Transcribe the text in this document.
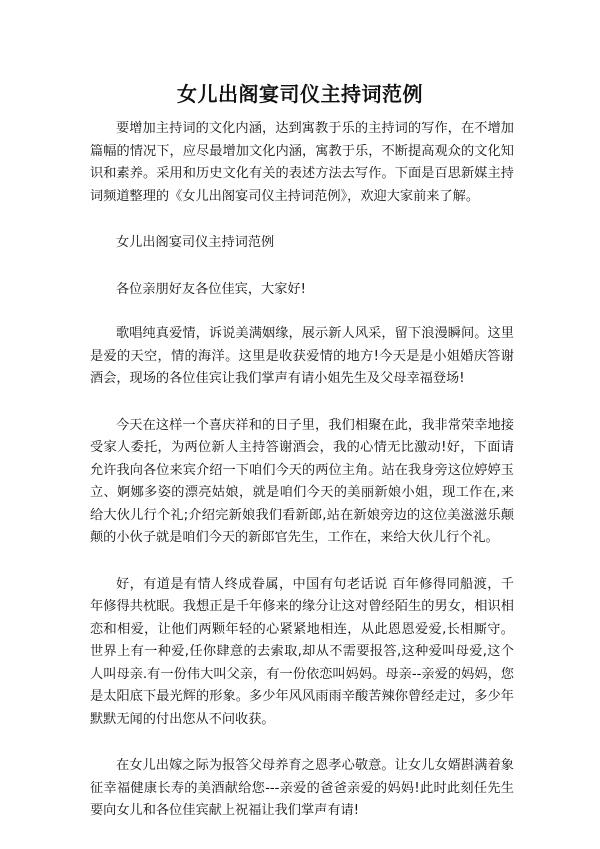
女儿出阁宴司仪主持词范例

要增加主持词的文化内涵，达到寓教于乐的主持词的写作，在不增加篇幅的情况下，应尽最增加文化内涵，寓教于乐，不断提高观众的文化知识和素养。采用和历史文化有关的表述方法去写作。下面是百思新媒主持词频道整理的《女儿出阁宴司仪主持词范例》，欢迎大家前来了解。

女儿出阁宴司仪主持词范例

各位亲朋好友各位佳宾，大家好!

歌唱纯真爱情，诉说美满姻缘，展示新人风采，留下浪漫瞬间。这里是爱的天空，情的海洋。这里是收获爱情的地方!今天是是小姐婚庆答谢酒会，现场的各位佳宾让我们掌声有请小姐先生及父母幸福登场!

今天在这样一个喜庆祥和的日子里，我们相聚在此，我非常荣幸地接受家人委托，为两位新人主持答谢酒会，我的心情无比激动!好，下面请允许我向各位来宾介绍一下咱们今天的两位主角。站在我身旁这位婷婷玉立、婀娜多姿的漂亮姑娘，就是咱们今天的美丽新娘小姐，现工作在,来给大伙儿行个礼;介绍完新娘我们看新郎,站在新娘旁边的这位美滋滋乐颠颠的小伙子就是咱们今天的新郎官先生，工作在，来给大伙儿行个礼。

好，有道是有情人终成眷属，中国有句老话说 百年修得同船渡，千年修得共枕眠。我想正是千年修来的缘分让这对曾经陌生的男女，相识相恋和相爱，让他们两颗年轻的心紧紧地相连，从此恩恩爱爱,长相厮守。世界上有一种爱,任你肆意的去索取,却从不需要报答,这种爱叫母爱,这个人叫母亲.有一份伟大叫父亲，有一份依恋叫妈妈。母亲--亲爱的妈妈，您是太阳底下最光辉的形象。多少年风风雨雨辛酸苦辣你曾经走过，多少年默默无闻的付出您从不问收获。

在女儿出嫁之际为报答父母养育之恩孝心敬意。让女儿女婿斟满着象征幸福健康长寿的美酒献给您---亲爱的爸爸亲爱的妈妈!此时此刻任先生要向女儿和各位佳宾献上祝福让我们掌声有请!
